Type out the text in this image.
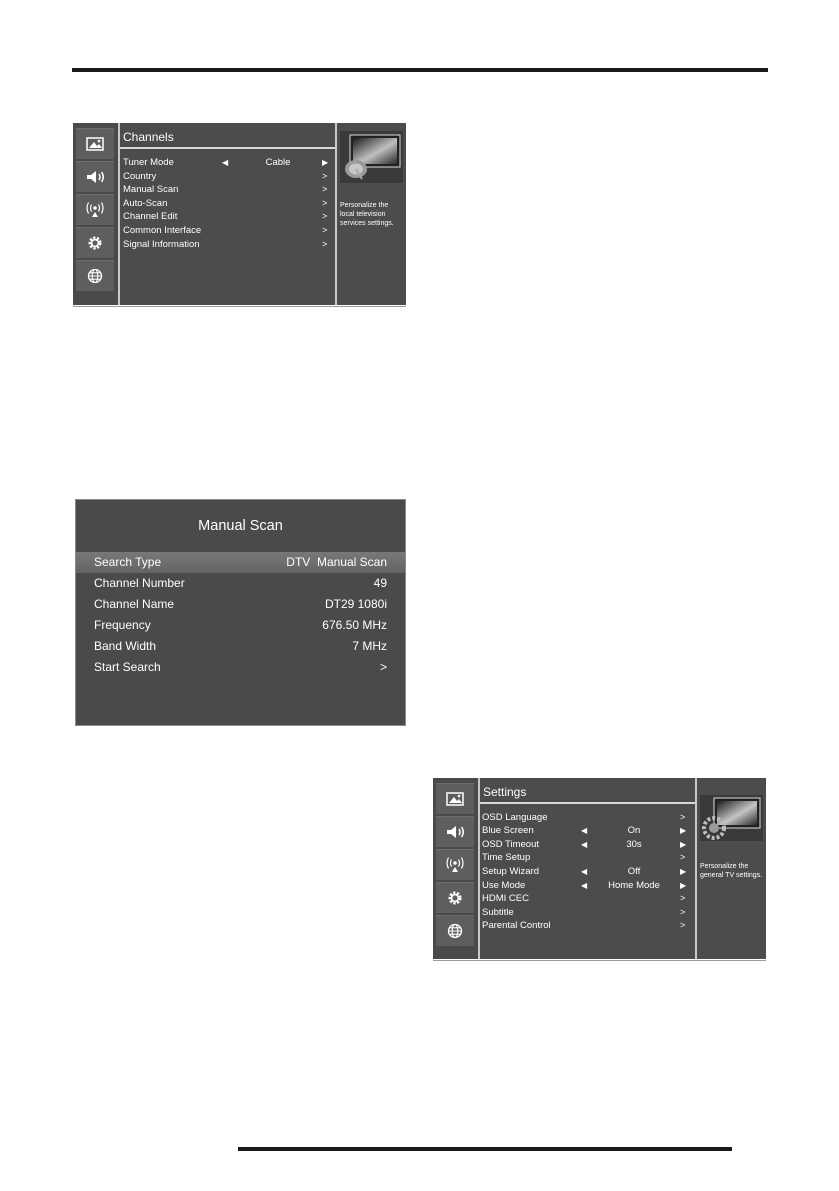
Channels
Tuner Mode	◀	Cable	▶
Country	>
Manual Scan	>
Auto-Scan	>
Channel Edit	>
Common Interface	>
Signal Information	>
Personalize the local television services settings.
Manual Scan
Search Type	DTV  Manual Scan
Channel Number	49
Channel Name	DT29 1080i
Frequency	676.50 MHz
Band Width	7 MHz
Start Search	>
Settings
OSD Language	>
Blue Screen	◀	On	▶
OSD Timeout	◀	30s	▶
Time Setup	>
Setup Wizard	◀	Off	▶
Use Mode	◀	Home Mode	▶
HDMI CEC	>
Subtitle	>
Parental Control	>
Personalize the general TV settings.
